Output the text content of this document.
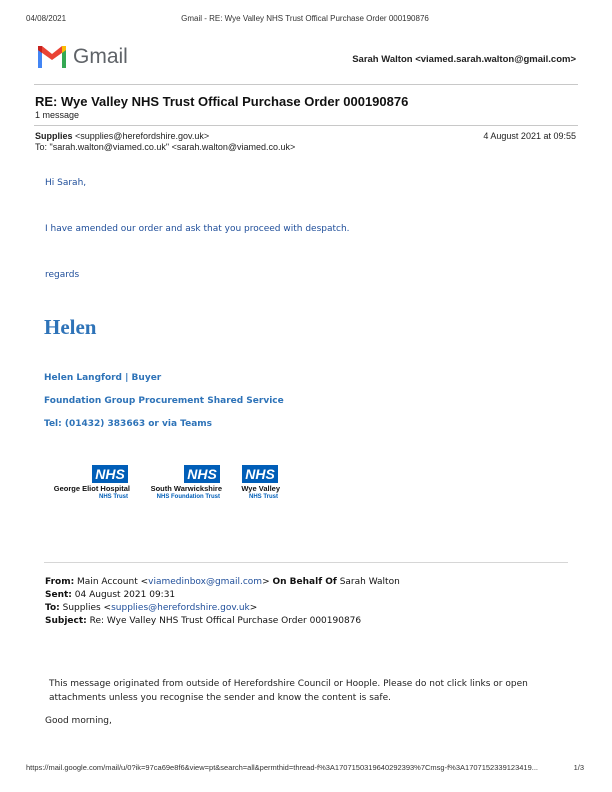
04/08/2021	Gmail - RE: Wye Valley NHS Trust Offical Purchase Order 000190876
Gmail	Sarah Walton <viamed.sarah.walton@gmail.com>
RE: Wye Valley NHS Trust Offical Purchase Order 000190876
1 message
Supplies <supplies@herefordshire.gov.uk>	4 August 2021 at 09:55
To: "sarah.walton@viamed.co.uk" <sarah.walton@viamed.co.uk>
Hi Sarah,
I have amended our order and ask that you proceed with despatch.
regards
Helen
Helen Langford | Buyer
Foundation Group Procurement Shared Service
Tel: (01432) 383663 or via Teams
NHS
George Eliot Hospital
NHS Trust
NHS
South Warwickshire
NHS Foundation Trust
NHS
Wye Valley
NHS Trust
From: Main Account <viamedinbox@gmail.com> On Behalf Of Sarah Walton
Sent: 04 August 2021 09:31
To: Supplies <supplies@herefordshire.gov.uk>
Subject: Re: Wye Valley NHS Trust Offical Purchase Order 000190876
This message originated from outside of Herefordshire Council or Hoople. Please do not click links or open attachments unless you recognise the sender and know the content is safe.
Good morning,
https://mail.google.com/mail/u/0?ik=97ca69e8f6&view=pt&search=all&permthid=thread-f%3A1707150319640292393%7Cmsg-f%3A1707152339123419...	1/3
